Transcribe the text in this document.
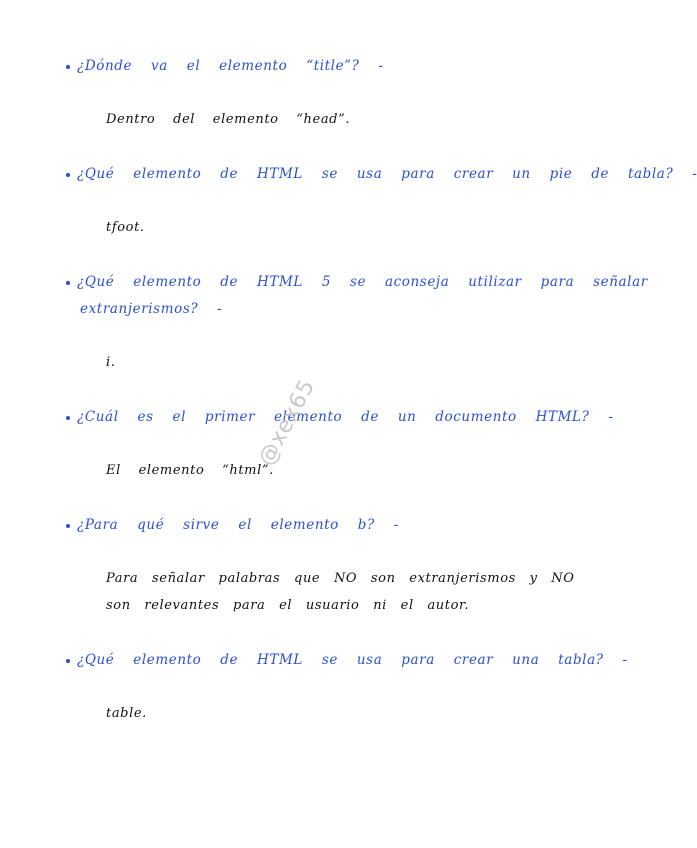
¿Dónde va el elemento “title”? -

Dentro del elemento “head”.

¿Qué elemento de HTML se usa para crear un pie de tabla? -

tfoot.

¿Qué elemento de HTML 5 se aconseja utilizar para señalar

extranjerismos? -

i.

¿Cuál es el primer elemento de un documento HTML? -

El elemento “html”.

¿Para qué sirve el elemento b? -

Para señalar palabras que NO son extranjerismos y NO

son relevantes para el usuario ni el autor.

¿Qué elemento de HTML se usa para crear una tabla? -

table.

@xex65
